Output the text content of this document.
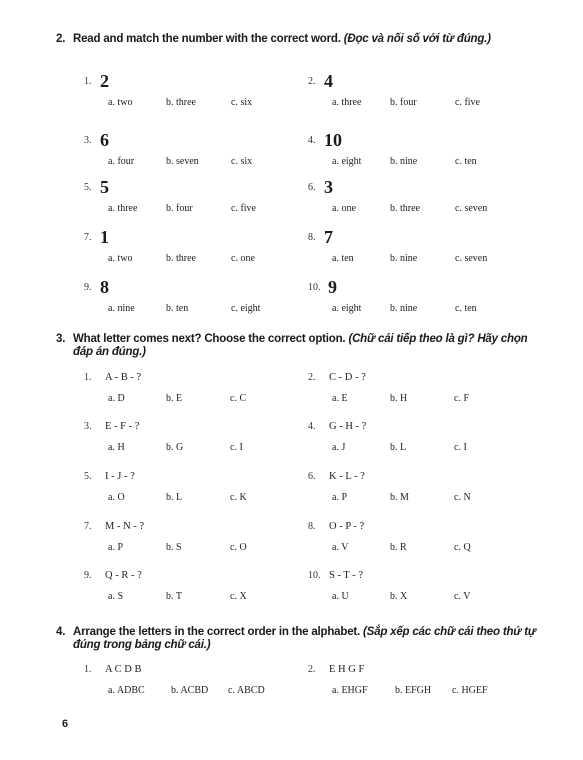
2. Read and match the number with the correct word. (Đọc và nối số với từ đúng.)
1. 2
a. two	b. three	c. six
2. 4
a. three	b. four	c. five
3. 6
a. four	b. seven	c. six
4. 10
a. eight	b. nine	c. ten
5. 5
a. three	b. four	c. five
6. 3
a. one	b. three	c. seven
7. 1
a. two	b. three	c. one
8. 7
a. ten	b. nine	c. seven
9. 8
a. nine	b. ten	c. eight
10. 9
a. eight	b. nine	c. ten
3. What letter comes next? Choose the correct option. (Chữ cái tiếp theo là gì? Hãy chọn đáp án đúng.)
1. A - B - ?
a. D	b. E	c. C
2. C - D - ?
a. E	b. H	c. F
3. E - F - ?
a. H	b. G	c. I
4. G - H - ?
a. J	b. L	c. I
5. I - J - ?
a. O	b. L	c. K
6. K - L - ?
a. P	b. M	c. N
7. M - N - ?
a. P	b. S	c. O
8. O - P - ?
a. V	b. R	c. Q
9. Q - R - ?
a. S	b. T	c. X
10. S - T - ?
a. U	b. X	c. V
4. Arrange the letters in the correct order in the alphabet. (Sắp xếp các chữ cái theo thứ tự đúng trong bảng chữ cái.)
1. A C D B
a. ADBC	b. ACBD c. ABCD
2. E H G F
a. EHGF	b. EFGH c. HGEF
6
